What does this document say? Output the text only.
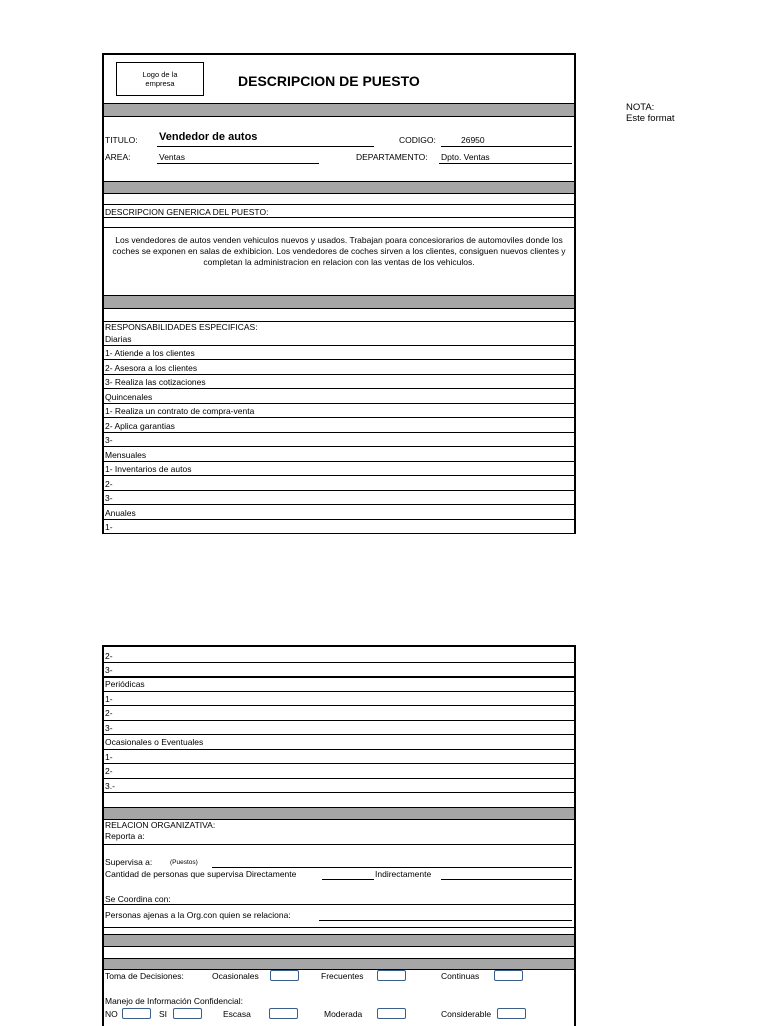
NOTA:
Este format
Logo de la
empresa	DESCRIPCION DE PUESTO
TITULO: Vendedor de autos	CODIGO:	26950
AREA:	Ventas	DEPARTAMENTO: Dpto. Ventas
DESCRIPCION GENERICA DEL PUESTO:
Los vendedores de autos venden vehiculos nuevos y usados. Trabajan poara concesiorarios de automoviles donde los coches se exponen en salas de exhibicion. Los vendedores de coches sirven a los clientes, consiguen nuevos clientes y completan la administracion en relacion con las ventas de los vehiculos.
RESPONSABILIDADES ESPECIFICAS:
Diarias
1- Atiende a los clientes
2- Asesora a los clientes
3- Realiza las cotizaciones
Quincenales
1- Realiza un contrato de compra-venta
2- Aplica garantias
3-
Mensuales
1- Inventarios de autos
2-
3-
Anuales
1-
2-
3-
Periódicas
1-
2-
3-
Ocasionales o Eventuales
1-
2-
3.-
RELACION ORGANIZATIVA:
Reporta a:
Supervisa a:	(Puestos)
Cantidad de personas que supervisa Directamente	Indirectamente
Se Coordina con:
Personas ajenas a la Org.con quien se relaciona:
Toma de Decisiones:	Ocasionales	Frecuentes	Continuas
Manejo de Información Confidencial:
NO	SI	Escasa	Moderada	Considerable
